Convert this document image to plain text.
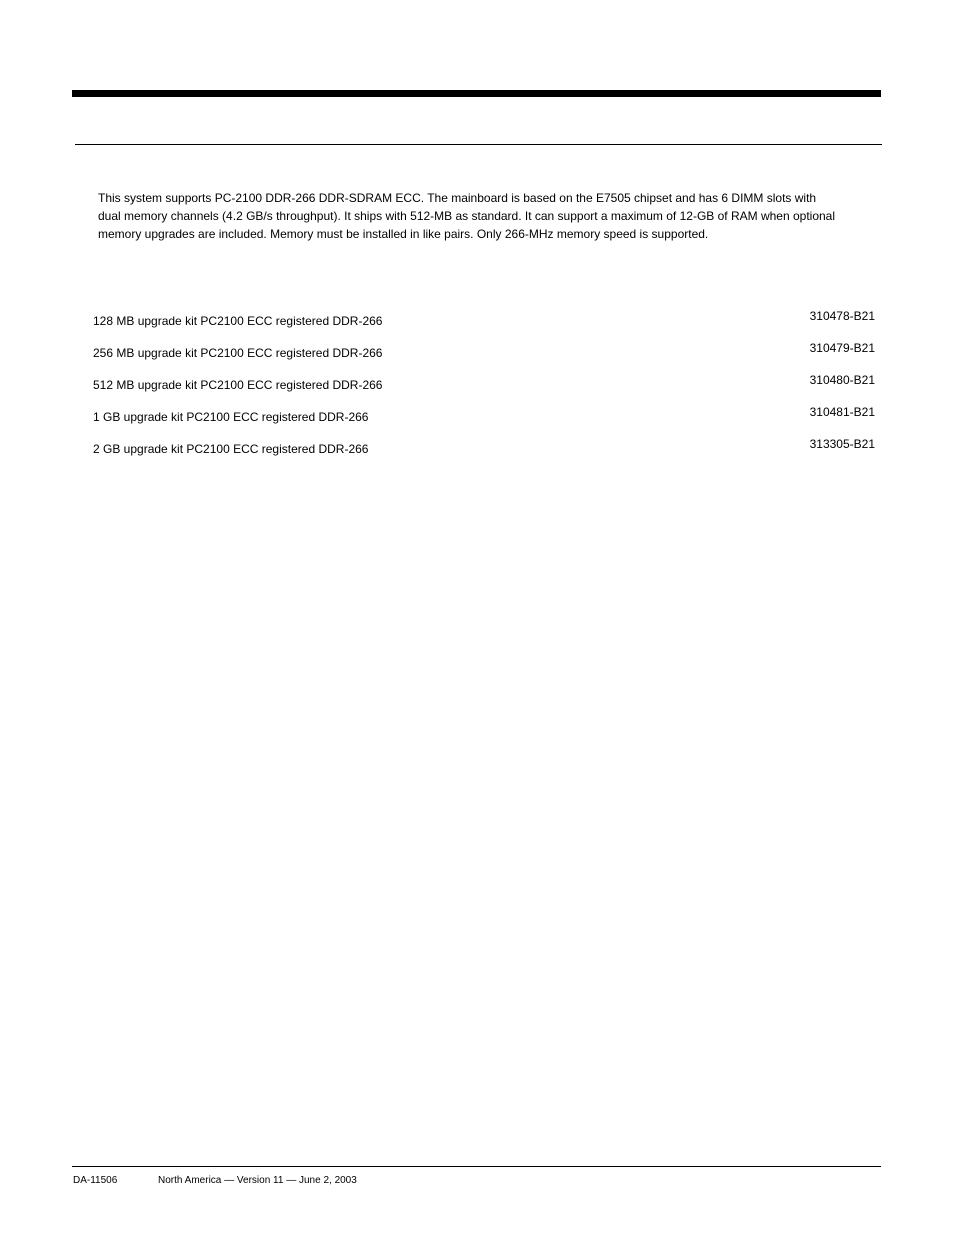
This system supports PC-2100 DDR-266 DDR-SDRAM ECC. The mainboard is based on the E7505 chipset and has 6 DIMM slots with dual memory channels (4.2 GB/s throughput). It ships with 512-MB as standard. It can support a maximum of 12-GB of RAM when optional memory upgrades are included. Memory must be installed in like pairs. Only 266-MHz memory speed is supported.

128 MB upgrade kit PC2100 ECC registered DDR-266	310478-B21
256 MB upgrade kit PC2100 ECC registered DDR-266	310479-B21
512 MB upgrade kit PC2100 ECC registered DDR-266	310480-B21
1 GB upgrade kit PC2100 ECC registered DDR-266	310481-B21
2 GB upgrade kit PC2100 ECC registered DDR-266	313305-B21
DA-11506	North America — Version 11 — June 2, 2003
